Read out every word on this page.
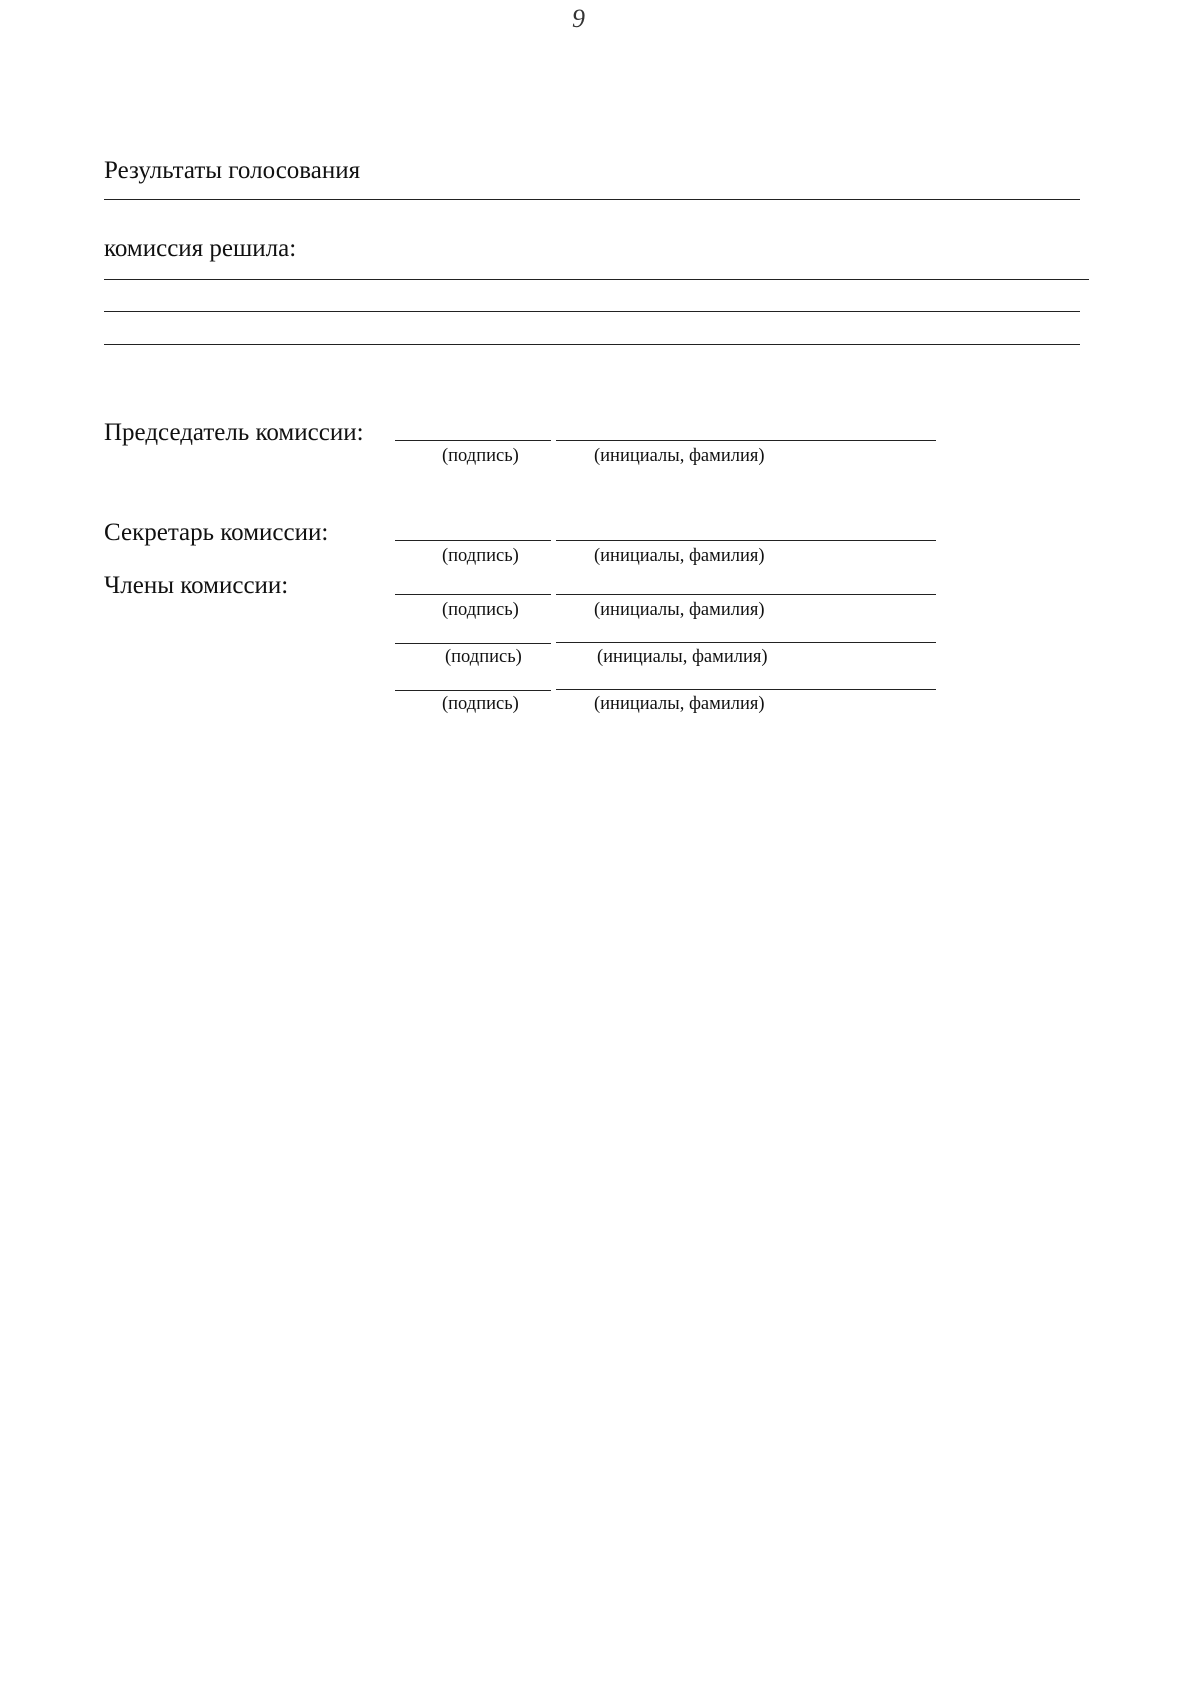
9
Результаты голосования
комиссия решила:
Председатель комиссии:
(подпись)	(инициалы, фамилия)
Секретарь комиссии:
(подпись)	(инициалы, фамилия)
Члены комиссии:
(подпись)	(инициалы, фамилия)
(подпись)	(инициалы, фамилия)
(подпись)	(инициалы, фамилия)
